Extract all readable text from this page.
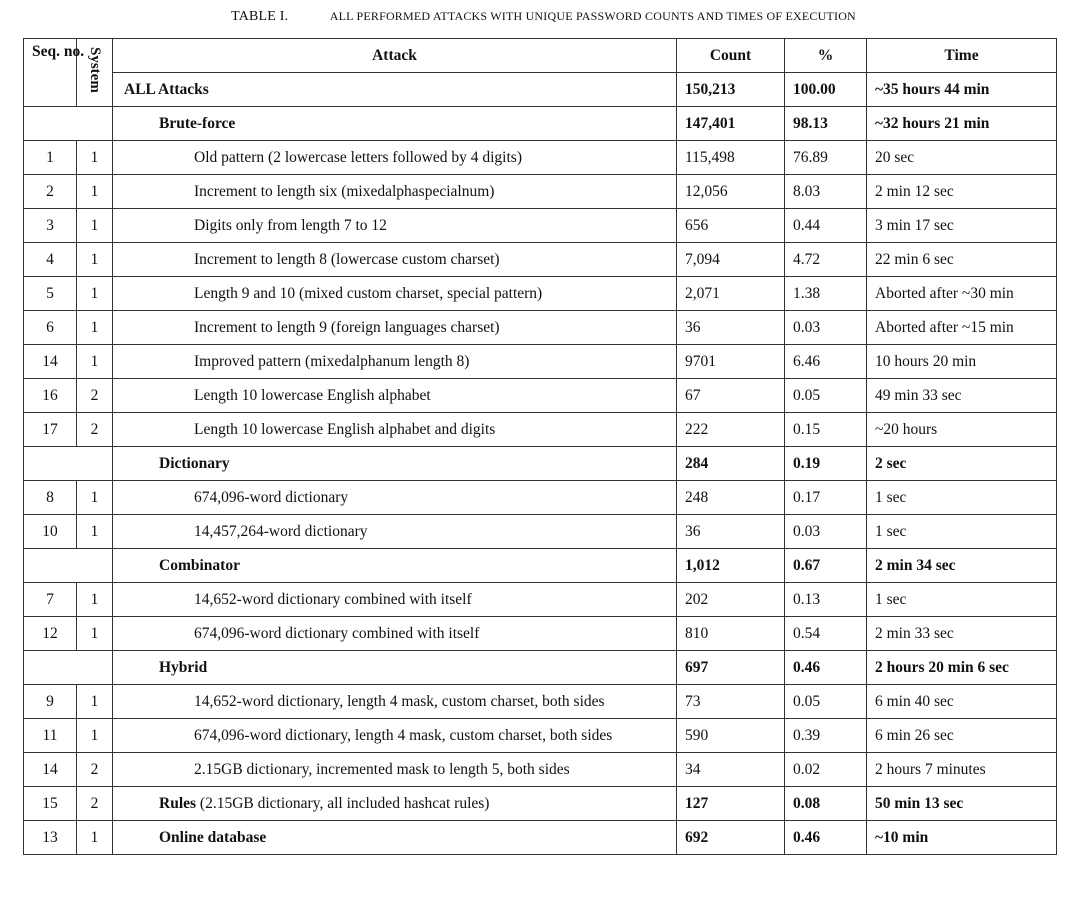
TABLE I.	ALL PERFORMED ATTACKS WITH UNIQUE PASSWORD COUNTS AND TIMES OF EXECUTION
Seq. no.	System	Attack	Count	%	Time
		ALL Attacks	150,213	100.00	~35 hours 44 min
		Brute-force	147,401	98.13	~32 hours 21 min
1	1	Old pattern (2 lowercase letters followed by 4 digits)	115,498	76.89	20 sec
2	1	Increment to length six (mixedalphaspecialnum)	12,056	8.03	2 min 12 sec
3	1	Digits only from length 7 to 12	656	0.44	3 min 17 sec
4	1	Increment to length 8 (lowercase custom charset)	7,094	4.72	22 min 6 sec
5	1	Length 9 and 10 (mixed custom charset, special pattern)	2,071	1.38	Aborted after ~30 min
6	1	Increment to length 9 (foreign languages charset)	36	0.03	Aborted after ~15 min
14	1	Improved pattern (mixedalphanum length 8)	9701	6.46	10 hours 20 min
16	2	Length 10 lowercase English alphabet	67	0.05	49 min 33 sec
17	2	Length 10 lowercase English alphabet and digits	222	0.15	~20 hours
		Dictionary	284	0.19	2 sec
8	1	674,096-word dictionary	248	0.17	1 sec
10	1	14,457,264-word dictionary	36	0.03	1 sec
		Combinator	1,012	0.67	2 min 34 sec
7	1	14,652-word dictionary combined with itself	202	0.13	1 sec
12	1	674,096-word dictionary combined with itself	810	0.54	2 min 33 sec
		Hybrid	697	0.46	2 hours 20 min 6 sec
9	1	14,652-word dictionary, length 4 mask, custom charset, both sides	73	0.05	6 min 40 sec
11	1	674,096-word dictionary, length 4 mask, custom charset, both sides	590	0.39	6 min 26 sec
14	2	2.15GB dictionary, incremented mask to length 5, both sides	34	0.02	2 hours 7 minutes
15	2	Rules (2.15GB dictionary, all included hashcat rules)	127	0.08	50 min 13 sec
13	1	Online database	692	0.46	~10 min
